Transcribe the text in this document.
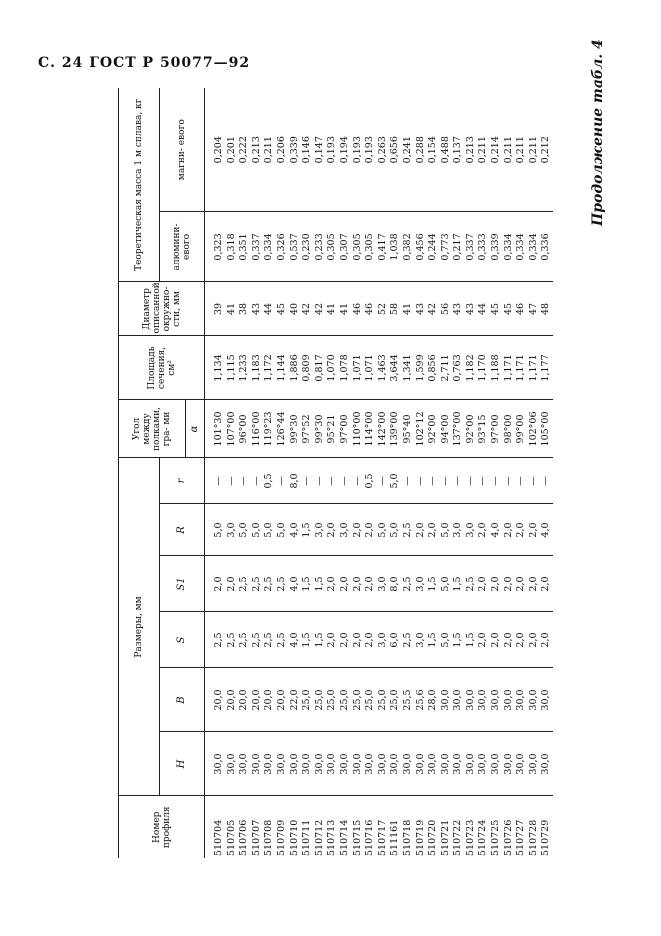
С. 24 ГОСТ Р 50077—92	Продолжение табл. 4
Номер профиля	Размеры, мм						Угол между полками, гра- ми	Площадь сечения, см²	Диаметр описанной окружно- сти, мм	Теоретическая масса 1 м сплава, кг	
	H	B	S	S1	R	r				алюмини- евого	магни- евого
							α				
510704	30,0	20,0	2,5	2,0	5,0	—	101°30	1,134	39	0,323	0,204
510705	30,0	20,0	2,5	2,0	3,0	—	107°00	1,115	41	0,318	0,201
510706	30,0	20,0	2,5	2,5	5,0	—	96°00	1,233	38	0,351	0,222
510707	30,0	20,0	2,5	2,5	5,0	—	116°00	1,183	43	0,337	0,213
510708	30,0	20,0	2,5	2,5	5,0	0,5	119°23	1,172	44	0,334	0,211
510709	30,0	20,0	2,5	2,5	5,0	—	126°44	1,144	45	0,326	0,206
510710	30,0	22,0	4,0	4,0	4,0	8,0	99°30	1,886	40	0,537	0,339
510711	30,0	25,0	1,5	1,5	1,5	—	97°52	0,809	42	0,230	0,146
510712	30,0	25,0	1,5	1,5	3,0	—	99°30	0,817	42	0,233	0,147
510713	30,0	25,0	2,0	2,0	2,0	—	95°21	1,070	41	0,305	0,193
510714	30,0	25,0	2,0	2,0	3,0	—	97°00	1,078	41	0,307	0,194
510715	30,0	25,0	2,0	2,0	2,0	—	110°00	1,071	46	0,305	0,193
510716	30,0	25,0	2,0	2,0	2,0	0,5	114°00	1,071	46	0,305	0,193
510717	30,0	25,0	3,0	3,0	5,0	—	142°00	1,463	52	0,417	0,263
511161	30,0	25,0	6,0	8,0	5,0	5,0	139°00	3,644	58	1,038	0,656
510718	30,0	25,5	2,5	2,5	2,5	—	95°40	1,341	41	0,382	0,241
510719	30,0	25,6	3,0	3,0	2,0	—	102°12	1,599	43	0,456	0,288
510720	30,0	28,0	1,5	1,5	2,0	—	92°00	0,856	42	0,244	0,154
510721	30,0	30,0	5,0	5,0	5,0	—	94°00	2,711	56	0,773	0,488
510722	30,0	30,0	1,5	1,5	3,0	—	137°00	0,763	43	0,217	0,137
510723	30,0	30,0	1,5	2,5	3,0	—	92°00	1,182	43	0,337	0,213
510724	30,0	30,0	2,0	2,0	2,0	—	93°15	1,170	44	0,333	0,211
510725	30,0	30,0	2,0	2,0	4,0	—	97°00	1,188	45	0,339	0,214
510726	30,0	30,0	2,0	2,0	2,0	—	98°00	1,171	45	0,334	0,211
510727	30,0	30,0	2,0	2,0	2,0	—	99°00	1,171	46	0,334	0,211
510728	30,0	30,0	2,0	2,0	2,0	—	102°06	1,171	47	0,334	0,211
510729	30,0	30,0	2,0	2,0	4,0	—	105°00	1,177	48	0,336	0,212
